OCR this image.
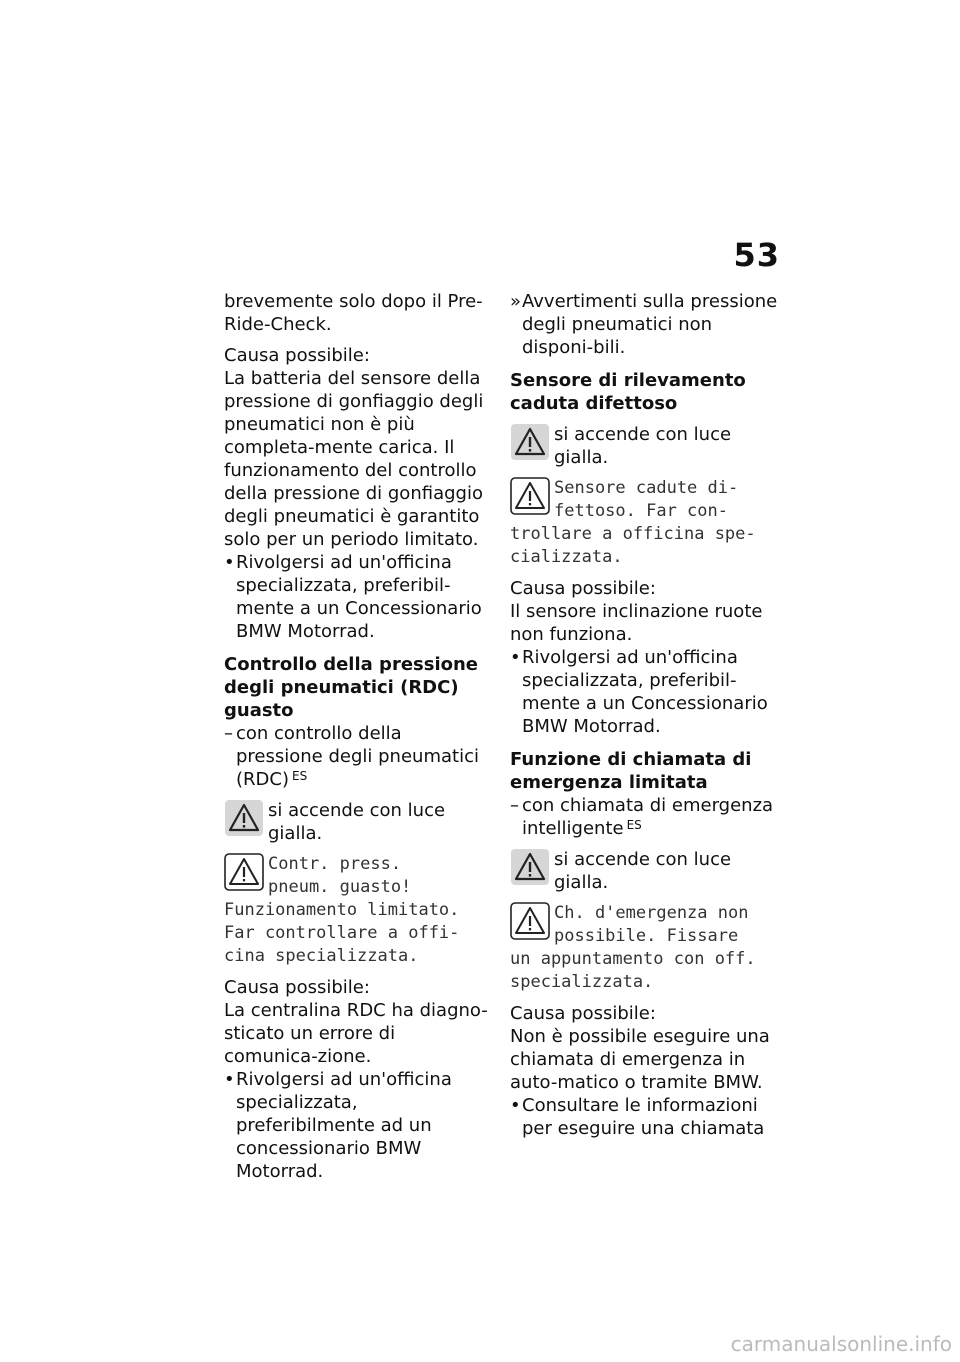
53

brevemente solo dopo il Pre-Ride-Check.

Causa possibile:

La batteria del sensore della pressione di gonfiaggio degli pneumatici non è più completa-mente carica. Il funzionamento del controllo della pressione di gonfiaggio degli pneumatici è garantito solo per un periodo limitato.

• Rivolgersi ad un'officina specializzata, preferibil-mente a un Concessionario BMW Motorrad.

Controllo della pressione degli pneumatici (RDC) guasto

– con controllo della pressione degli pneumatici (RDC) $^{ES}$
si accende con luce gialla.
Contr. press.
pneum. guasto!
Funzionamento limitato. Far controllare a offi-cina specializzata.

Causa possibile:

La centralina RDC ha diagno-sticato un errore di comunica-zione.

• Rivolgersi ad un'officina specializzata, preferibilmente ad un concessionario BMW Motorrad.
» Avvertimenti sulla pressione degli pneumatici non disponi-bili.

Sensore di rilevamento caduta difettoso

si accende con luce gialla.
Sensore cadute di-
fettoso. Far con-
trollare a officina spe-cializzata.

Causa possibile:

Il sensore inclinazione ruote non funziona.

• Rivolgersi ad un'officina specializzata, preferibil-mente a un Concessionario BMW Motorrad.

Funzione di chiamata di emergenza limitata

– con chiamata di emergenza intelligente $^{ES}$
si accende con luce gialla.
Ch. d'emergenza non
possibile. Fissare
un appuntamento con off. specializzata.

Causa possibile:

Non è possibile eseguire una chiamata di emergenza in auto-matico o tramite BMW.

• Consultare le informazioni per eseguire una chiamata
carmanualsonline.info
